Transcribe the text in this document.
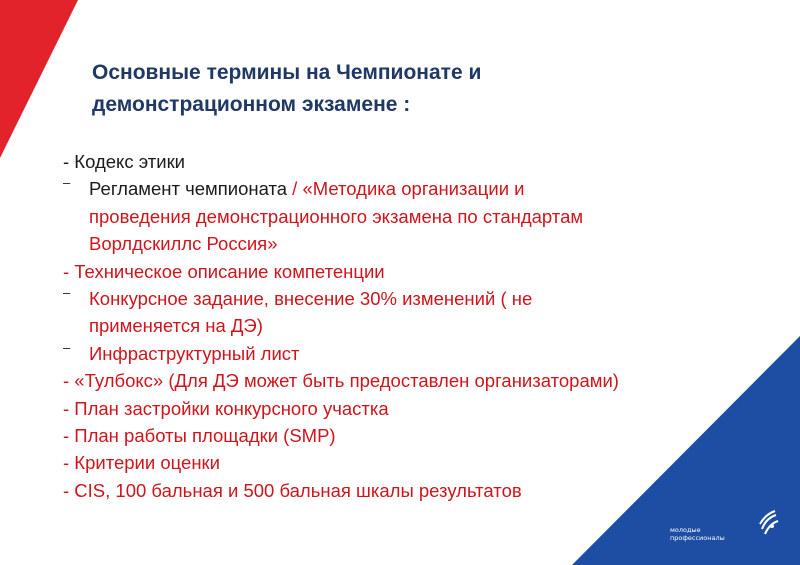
Основные термины на Чемпионате и
демонстрационном экзамене :
- Кодекс этики
– Регламент чемпионата / «Методика организации и
проведения демонстрационного экзамена по стандартам
Ворлдскиллс Россия»
- Техническое описание компетенции
– Конкурсное задание, внесение 30% изменений ( не
применяется на ДЭ)
– Инфраструктурный лист
- «Тулбокс» (Для ДЭ может быть предоставлен организаторами)
- План застройки конкурсного участка
- План работы площадки (SMP)
- Критерии оценки
- CIS, 100 бальная и 500 бальная шкалы результатов
молодые
профессионалы
